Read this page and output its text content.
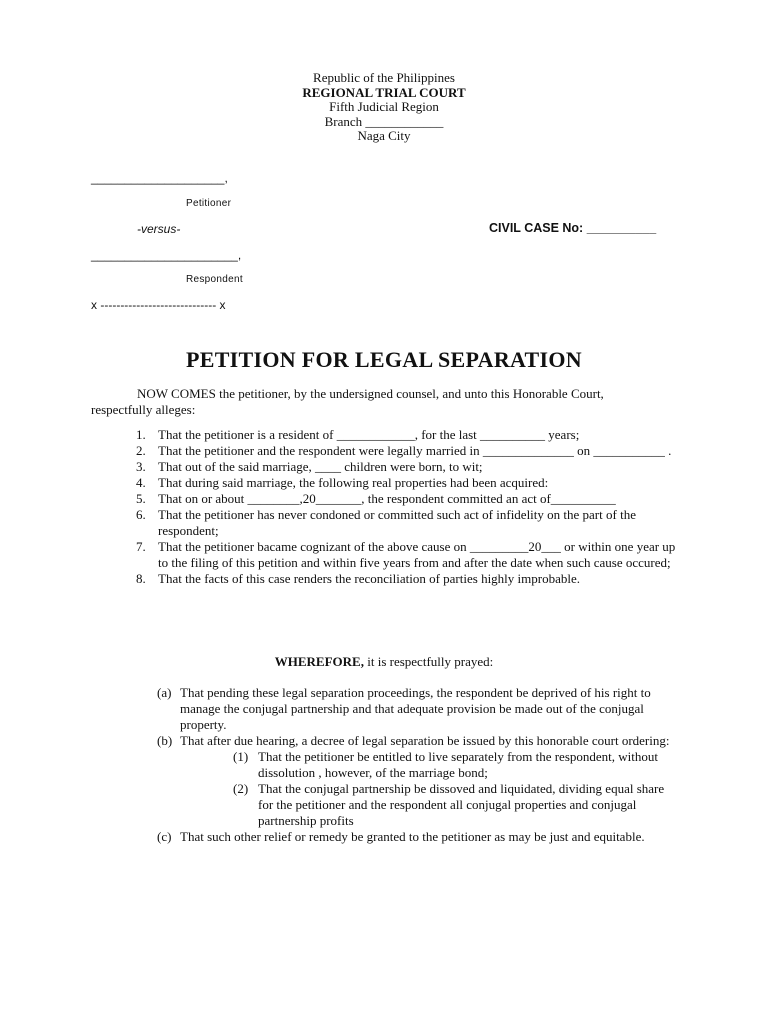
Republic of the Philippines
REGIONAL TRIAL COURT
Fifth Judicial Region
Branch ____________
Naga City
____________________,
Petitioner
-versus-	CIVIL CASE No: __________
______________________,
Respondent
x ----------------------------- x
PETITION FOR LEGAL SEPARATION
NOW COMES the petitioner, by the undersigned counsel, and unto this Honorable Court,
respectfully alleges:
1. That the petitioner is a resident of ____________, for the last __________ years;
2. That the petitioner and the respondent were legally married in ______________ on ___________ .
3. That out of the said marriage, ____ children were born, to wit;
4. That during said marriage, the following real properties had been acquired:
5. That on or about ________,20_______, the respondent committed an act of__________
6. That the petitioner has never condoned or committed such act of infidelity on the part of the respondent;
7. That the petitioner bacame cognizant of the above cause on _________20___ or within one year up to the filing of this petition and within five years from and after the date when such cause occured;
8. That the facts of this case renders the reconciliation of parties highly improbable.
WHEREFORE, it is respectfully prayed:
(a) That pending these legal separation proceedings, the respondent be deprived of his right to manage the conjugal partnership and that adequate provision be made out of the conjugal property.
(b) That after due hearing, a decree of legal separation be issued by this honorable court ordering:
(1) That the petitioner be entitled to live separately from the respondent, without dissolution , however, of the marriage bond;
(2) That the conjugal partnership be dissoved and liquidated, dividing equal share for the petitioner and the respondent all conjugal properties and conjugal partnership profits
(c) That such other relief or remedy be granted to the petitioner as may be just and equitable.
